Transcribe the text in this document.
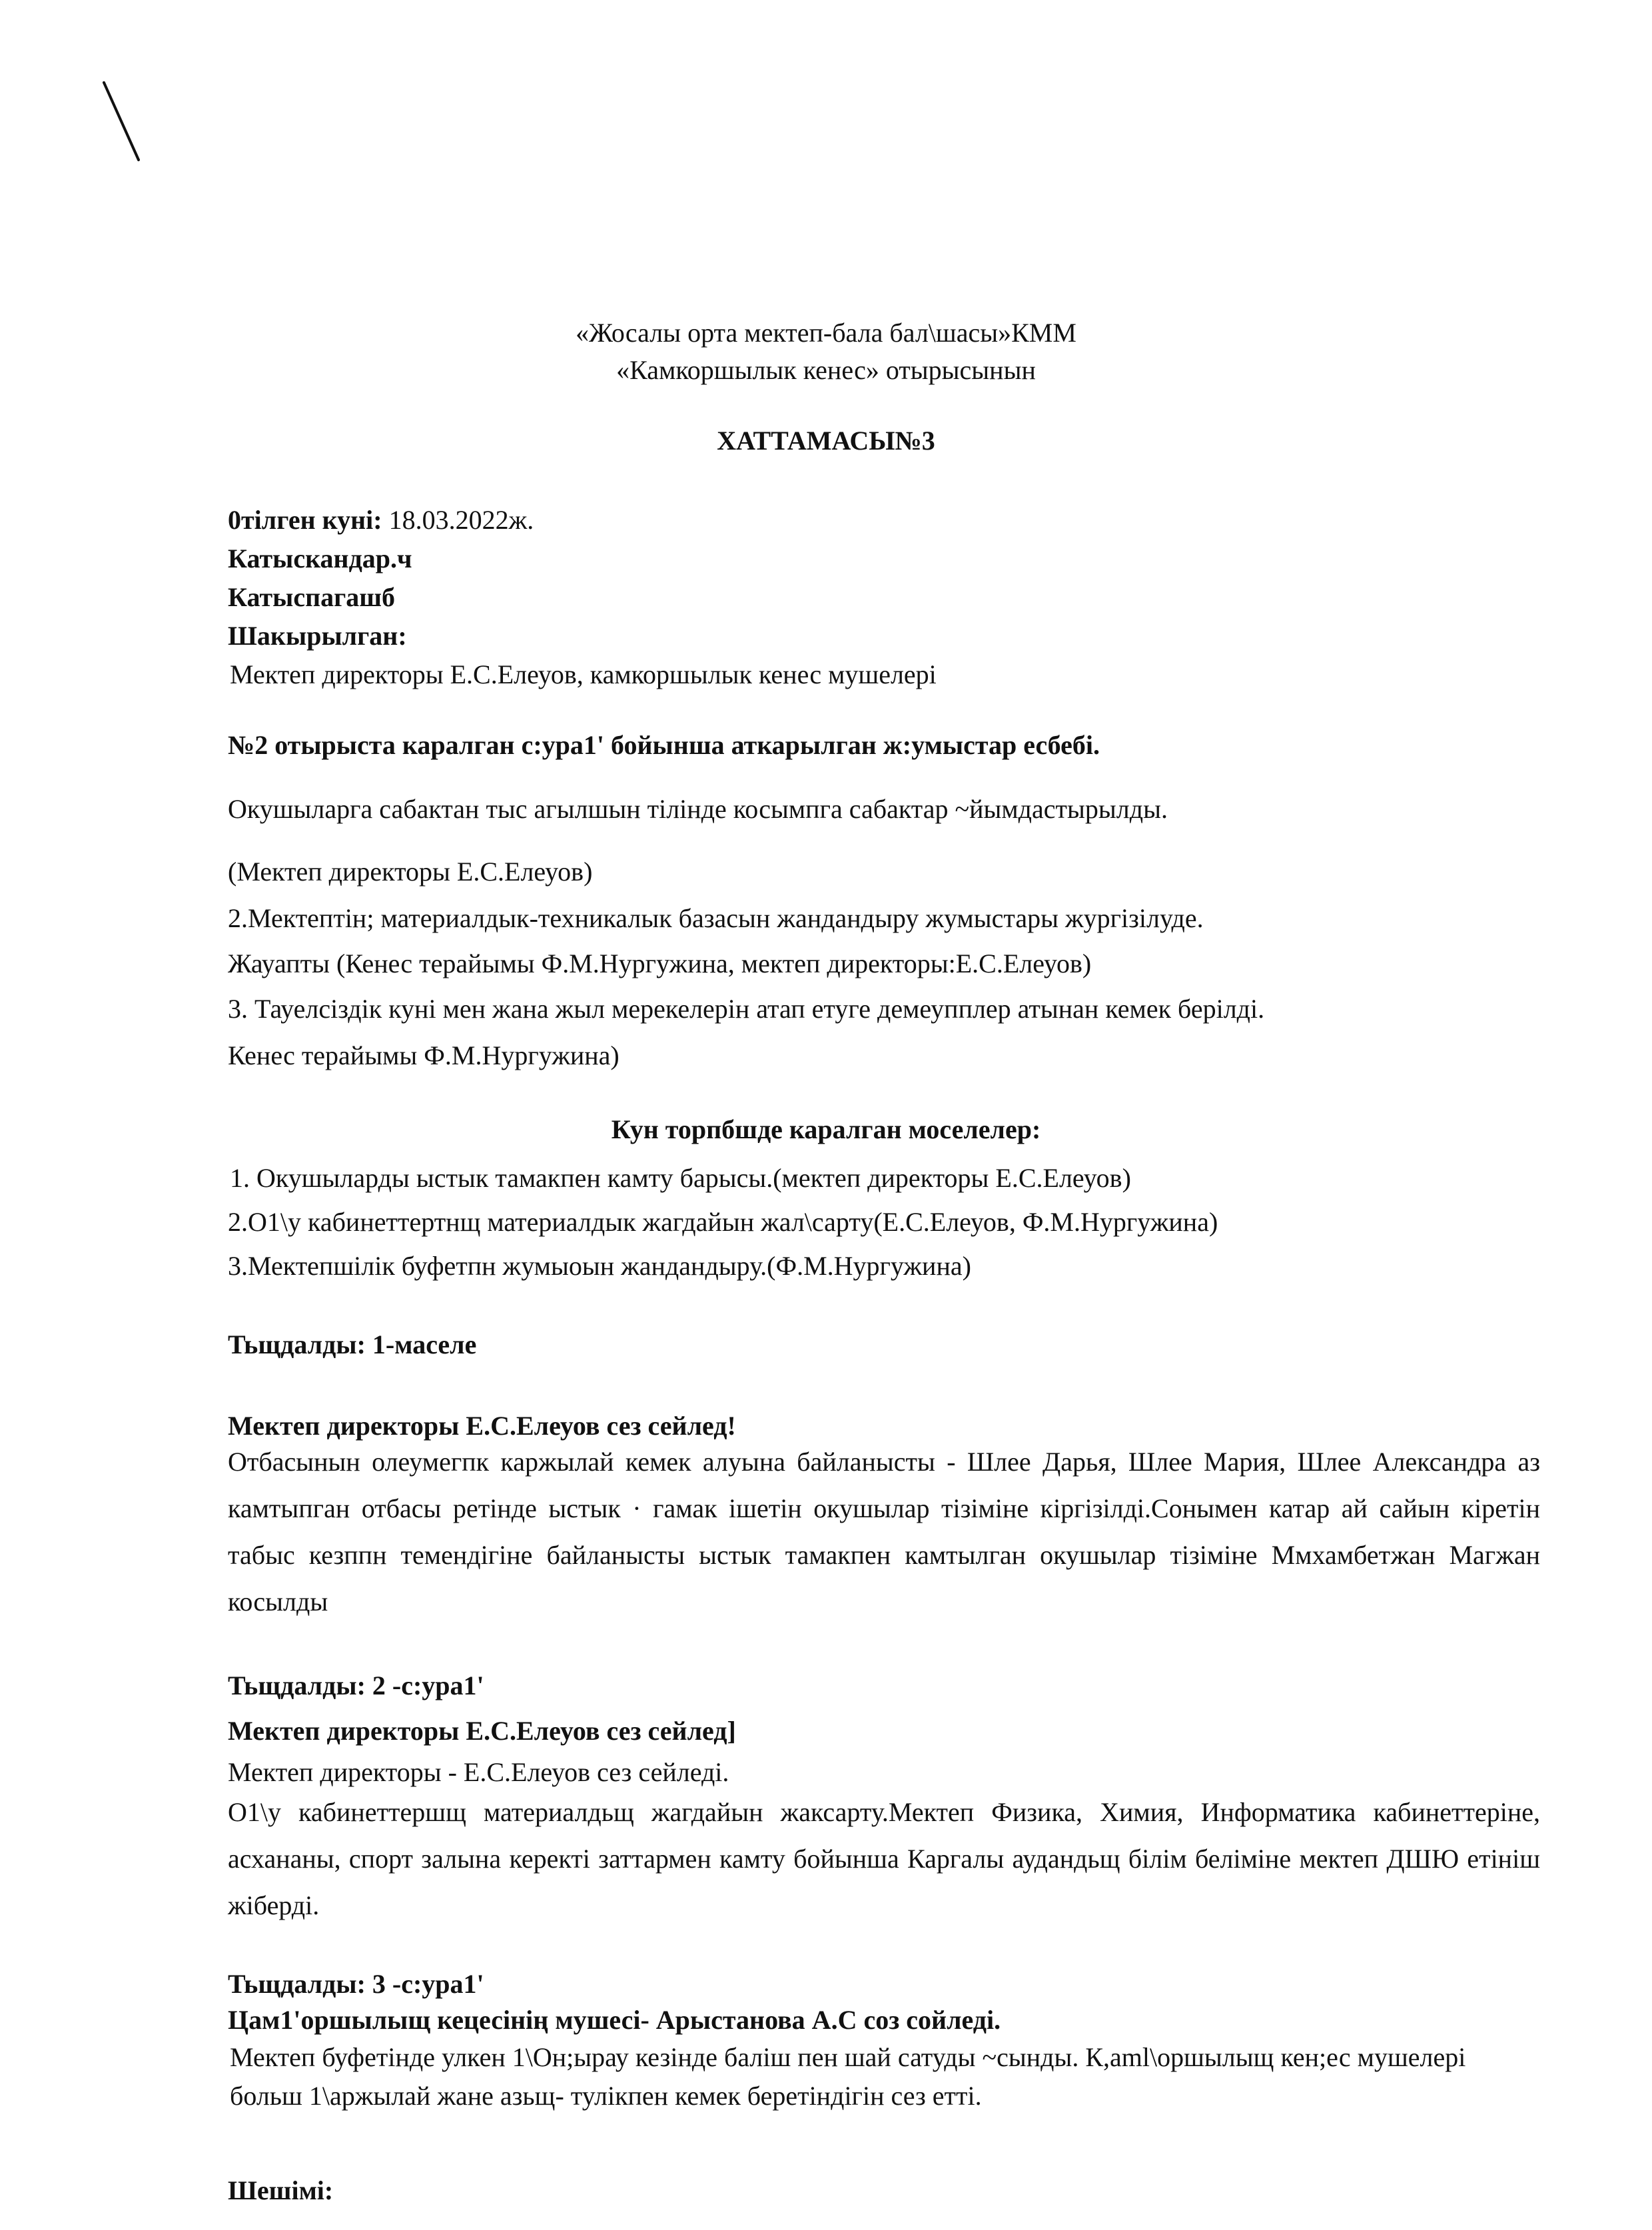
«Жосалы орта мектеп-бала бал\шасы»КММ
«Камкоршылык кенес» отырысынын
ХАТТАМАСЫ№3
0тілген куні: 18.03.2022ж.
Катыскандар.ч
Катыспагашб
Шакырылган:
Мектеп директоры Е.С.Елеуов, камкоршылык кенес мушелері
№2 отырыста каралган с:ура1' бойынша аткарылган ж:умыстар есбебі.
Окушыларга сабактан тыс агылшын тілінде косымпга сабактар ~йымдастырылды.
(Мектеп директоры Е.С.Елеуов)
2.Мектептін; материалдык-техникалык базасын жандандыру жумыстары жургізілуде.
Жауапты (Кенес терайымы Ф.М.Нургужина, мектеп директоры:Е.С.Елеуов)
3. Тауелсіздік куні мен жана жыл мерекелерін атап етуге демеупплер атынан кемек берілді.
Кенес терайымы Ф.М.Нургужина)
Кун торпбшде каралган моселелер:
1. Окушыларды ыстык тамакпен камту барысы.(мектеп директоры Е.С.Елеуов)
2.О1\у кабинеттертнщ материалдык жагдайын жал\сарту(Е.С.Елеуов, Ф.М.Нургужина)
3.Мектепшілік буфетпн жумыоын жандандыру.(Ф.М.Нургужина)
Тьщдалды: 1-маселе
Мектеп директоры Е.С.Елеуов сез сейлед!
Отбасынын олеумегпк каржылай кемек алуына байланысты - Шлее Дарья, Шлее Мария, Шлее Александра аз камтыпган отбасы ретінде ыстык · гамак ішетін окушылар тізіміне кіргізілді.Сонымен катар ай сайын кіретін табыс кезппн темендігіне байланысты ыстык тамакпен камтылган окушылар тізіміне Ммхамбетжан Магжан косылды
Тьщдалды: 2 -с:ура1'
Мектеп директоры Е.С.Елеуов сез сейлед]
Мектеп директоры - Е.С.Елеуов сез сейледі.
О1\у кабинеттершщ материалдьщ жагдайын жаксарту.Мектеп Физика, Химия, Информатика кабинеттеріне, асхананы, спорт залына керекті заттармен камту бойынша Каргалы аудандьщ білім беліміне мектеп ДШЮ етініш жіберді.
Тьщдалды: 3 -с:ура1'
Цам1'оршылыщ кецесінің мушесі- Арыстанова А.С соз сойледі.
Мектеп буфетінде улкен 1\Он;ырау кезінде баліш пен шай сатуды ~сынды. К,аml\оршылыщ кен;ес мушелері больш 1\аржылай жане азьщ- тулікпен кемек беретіндігін сез етті.
Шешімі:
